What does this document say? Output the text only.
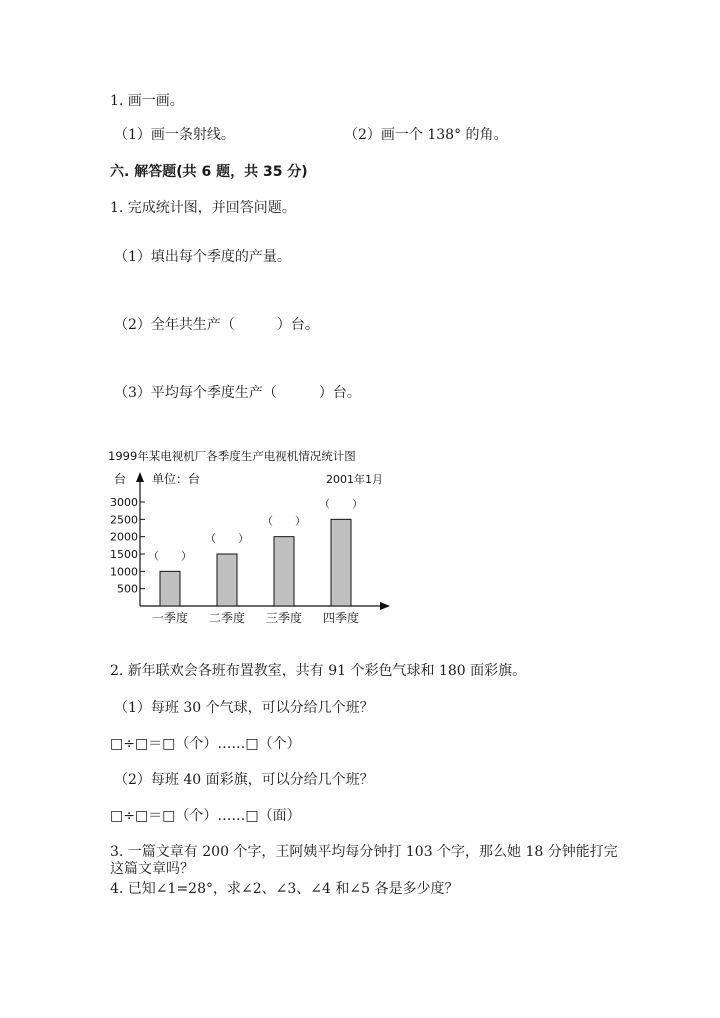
1. 画一画。
（1）画一条射线。	（2）画一个 138° 的角。
六. 解答题(共 6 题，共 35 分)
1. 完成统计图，并回答问题。
（1）填出每个季度的产量。
（2）全年共生产（　　　）台。
（3）平均每个季度生产（　　　）台。
1999年某电视机厂各季度生产电视机情况统计图
台 单位：台	2001年1月
500
1000
1500
2000
2500
3000
一季度 二季度 三季度 四季度
（　　）
（　　）
（　　）
（　　）
2. 新年联欢会各班布置教室，共有 91 个彩色气球和 180 面彩旗。
（1）每班 30 个气球，可以分给几个班？
□÷□＝□（个）……□（个）
（2）每班 40 面彩旗，可以分给几个班？
□÷□＝□（个）……□（面）
3. 一篇文章有 200 个字，王阿姨平均每分钟打 103 个字，那么她 18 分钟能打完
这篇文章吗？
4. 已知∠1=28°，求∠2、∠3、∠4 和∠5 各是多少度？
